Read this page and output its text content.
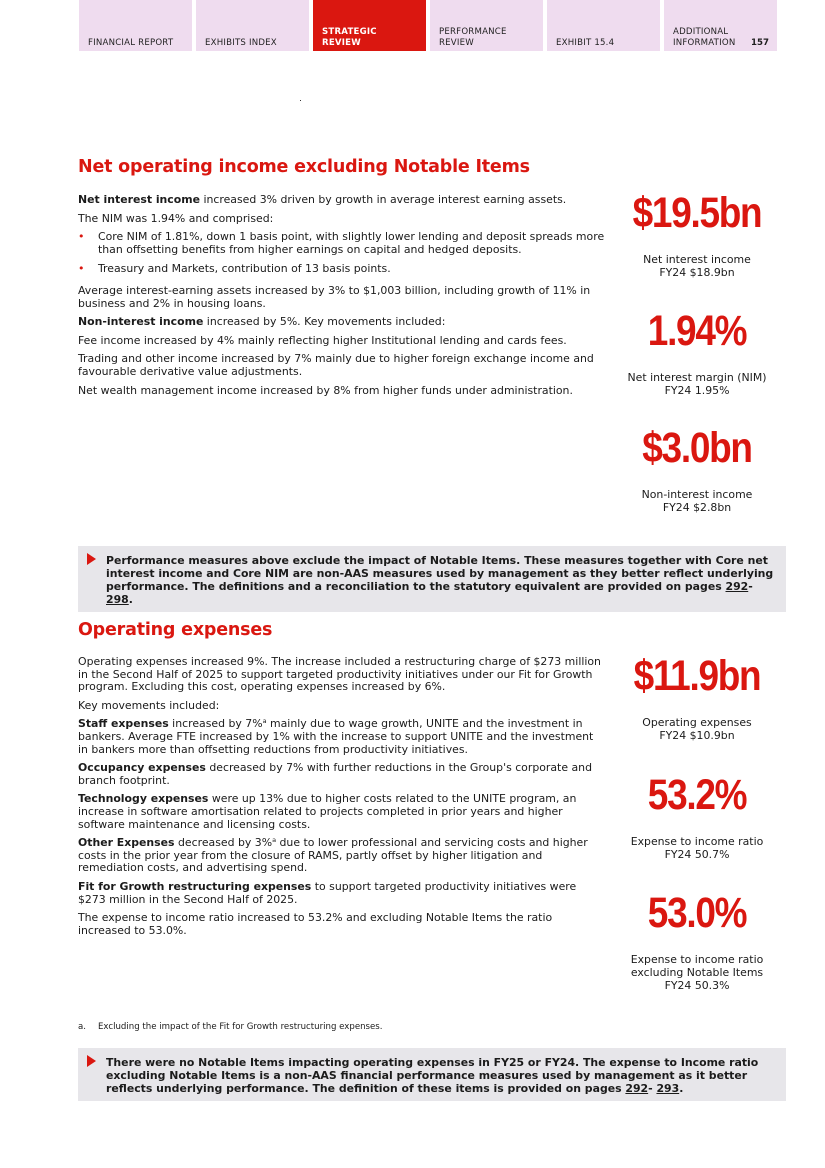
FINANCIAL REPORT	EXHIBITS INDEX
STRATEGIC
REVIEW
PERFORMANCE
REVIEW	EXHIBIT 15.4
ADDITIONAL
INFORMATION 157
Net operating income excluding Notable Items

Net interest income increased 3% driven by growth in average interest earning assets.

The NIM was 1.94% and comprised:

• Core NIM of 1.81%, down 1 basis point, with slightly lower lending and deposit spreads more than offsetting benefits from higher earnings on capital and hedged deposits.
• Treasury and Markets, contribution of 13 basis points.

Average interest-earning assets increased by 3% to $1,003 billion, including growth of 11% in business and 2% in housing loans.

Non-interest income increased by 5%. Key movements included:

Fee income increased by 4% mainly reflecting higher Institutional lending and cards fees.

Trading and other income increased by 7% mainly due to higher foreign exchange income and favourable derivative value adjustments.

Net wealth management income increased by 8% from higher funds under administration.

$19.5bn
Net interest income
FY24 $18.9bn
1.94%
Net interest margin (NIM)
FY24 1.95%
$3.0bn
Non-interest income
FY24 $2.8bn
Performance measures above exclude the impact of Notable Items. These measures together with Core net interest income and Core NIM are non-AAS measures used by management as they better reflect underlying performance. The definitions and a reconciliation to the statutory equivalent are provided on pages 292- 298.
Operating expenses

Operating expenses increased 9%. The increase included a restructuring charge of $273 million in the Second Half of 2025 to support targeted productivity initiatives under our Fit for Growth program. Excluding this cost, operating expenses increased by 6%.

Key movements included:

Staff expenses increased by 7%$^a$ mainly due to wage growth, UNITE and the investment in bankers. Average FTE increased by 1% with the increase to support UNITE and the investment in bankers more than offsetting reductions from productivity initiatives.

Occupancy expenses decreased by 7% with further reductions in the Group's corporate and branch footprint.

Technology expenses were up 13% due to higher costs related to the UNITE program, an increase in software amortisation related to projects completed in prior years and higher software maintenance and licensing costs.

Other Expenses decreased by 3%$^a$ due to lower professional and servicing costs and higher costs in the prior year from the closure of RAMS, partly offset by higher litigation and remediation costs, and advertising spend.

Fit for Growth restructuring expenses to support targeted productivity initiatives were $273 million in the Second Half of 2025.

The expense to income ratio increased to 53.2% and excluding Notable Items the ratio increased to 53.0%.

$11.9bn
Operating expenses
FY24 $10.9bn
53.2%
Expense to income ratio
FY24 50.7%
53.0%
Expense to income ratio
excluding Notable Items
FY24 50.3%
a. Excluding the impact of the Fit for Growth restructuring expenses.
There were no Notable Items impacting operating expenses in FY25 or FY24. The expense to Income ratio excluding Notable Items is a non-AAS financial performance measures used by management as it better reflects underlying performance. The definition of these items is provided on pages 292- 293.
